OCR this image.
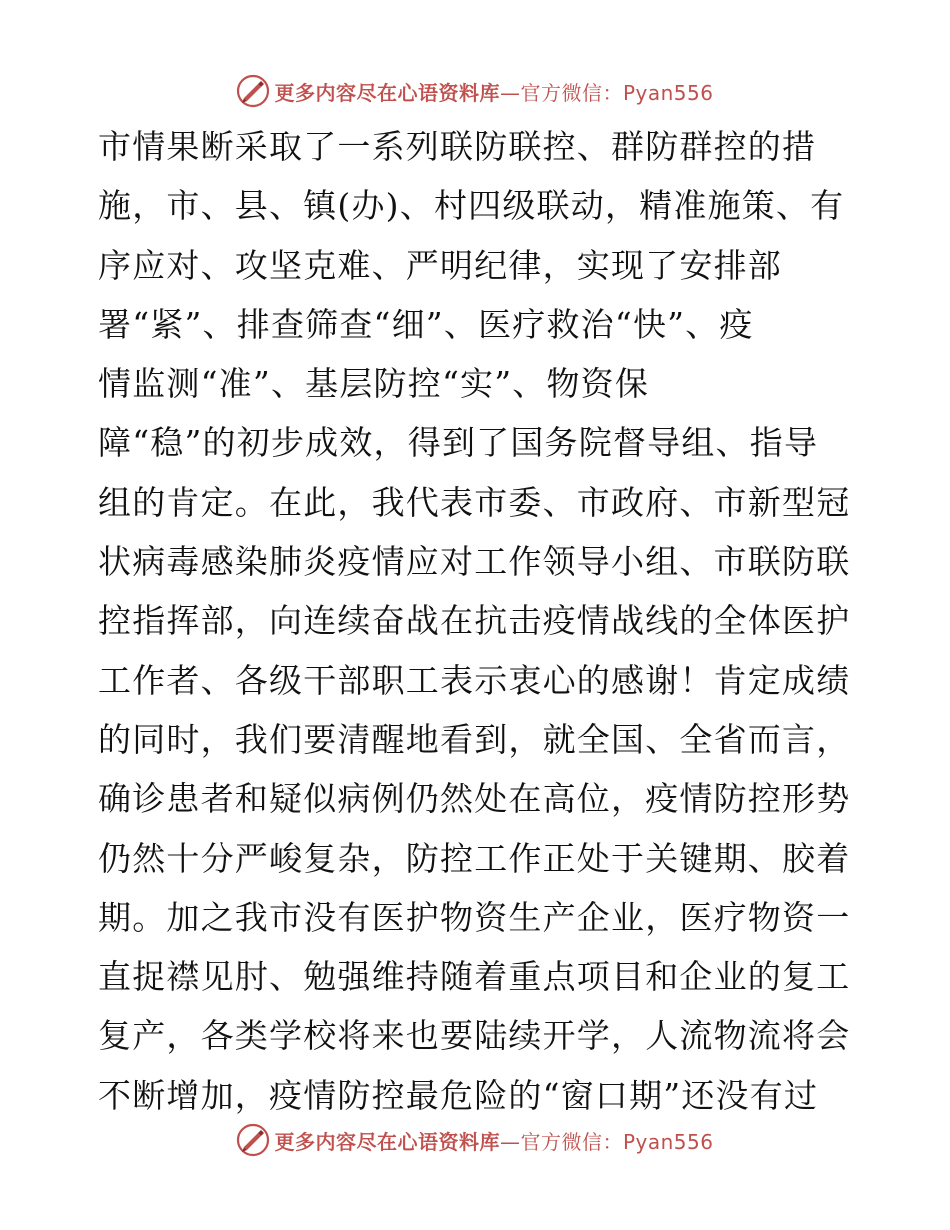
更多内容尽在心语资料库—官方微信：Pyan556
市情果断采取了一系列联防联控、群防群控的措
施，市、县、镇(办)、村四级联动，精准施策、有
序应对、攻坚克难、严明纪律，实现了安排部
署“紧”、排查筛查“细”、医疗救治“快”、疫
情监测“准”、基层防控“实”、物资保
障“稳”的初步成效，得到了国务院督导组、指导
组的肯定。在此，我代表市委、市政府、市新型冠
状病毒感染肺炎疫情应对工作领导小组、市联防联
控指挥部，向连续奋战在抗击疫情战线的全体医护
工作者、各级干部职工表示衷心的感谢！肯定成绩
的同时，我们要清醒地看到，就全国、全省而言，
确诊患者和疑似病例仍然处在高位，疫情防控形势
仍然十分严峻复杂，防控工作正处于关键期、胶着
期。加之我市没有医护物资生产企业，医疗物资一
直捉襟见肘、勉强维持随着重点项目和企业的复工
复产，各类学校将来也要陆续开学，人流物流将会
不断增加，疫情防控最危险的“窗口期”还没有过
更多内容尽在心语资料库—官方微信：Pyan556
